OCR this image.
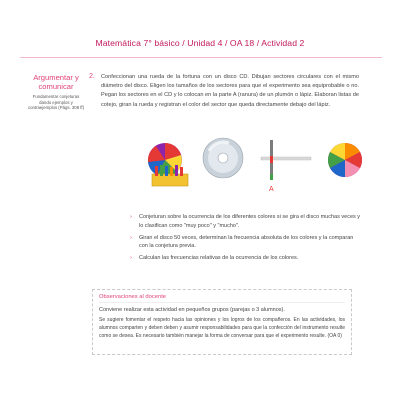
Matemática 7° básico / Unidad 4 / OA 18 / Actividad 2
Argumentar y comunicar
Fundamentar conjeturas dando ejemplos y contraejemplos (Págs. 308 ff)
2. Confeccionan una rueda de la fortuna con un disco CD. Dibujan sectores circulares con el mismo diámetro del disco. Eligen los tamaños de los sectores para que el experimento sea equiprobable o no. Pegan los sectores en el CD y lo colocan en la parte A (ranura) de un plumón o lápiz. Elaboran listas de cotejo, giran la rueda y registran el color del sector que queda directamente debajo del lápiz.

A
› Conjeturan sobre la ocurrencia de los diferentes colores si se gira el disco muchas veces y lo clasifican como "muy poco" y "mucho".
› Giran el disco 50 veces, determinan la frecuencia absoluta de los colores y la comparan con la conjetura previa.
› Calculan las frecuencias relativas de la ocurrencia de los colores.
Observaciones al docente

Conviene realizar esta actividad en pequeños grupos (parejas o 3 alumnos).

Se sugiere fomentar el respeto hacia las opiniones y los logros de los compañeros. En las actividades, los alumnos comparten y deben deben y asumir responsabilidades para que la confección del instrumento resulte como se desea. Es necesario también manejar la forma de conversar para que el experimento resulte. (OA 0)
